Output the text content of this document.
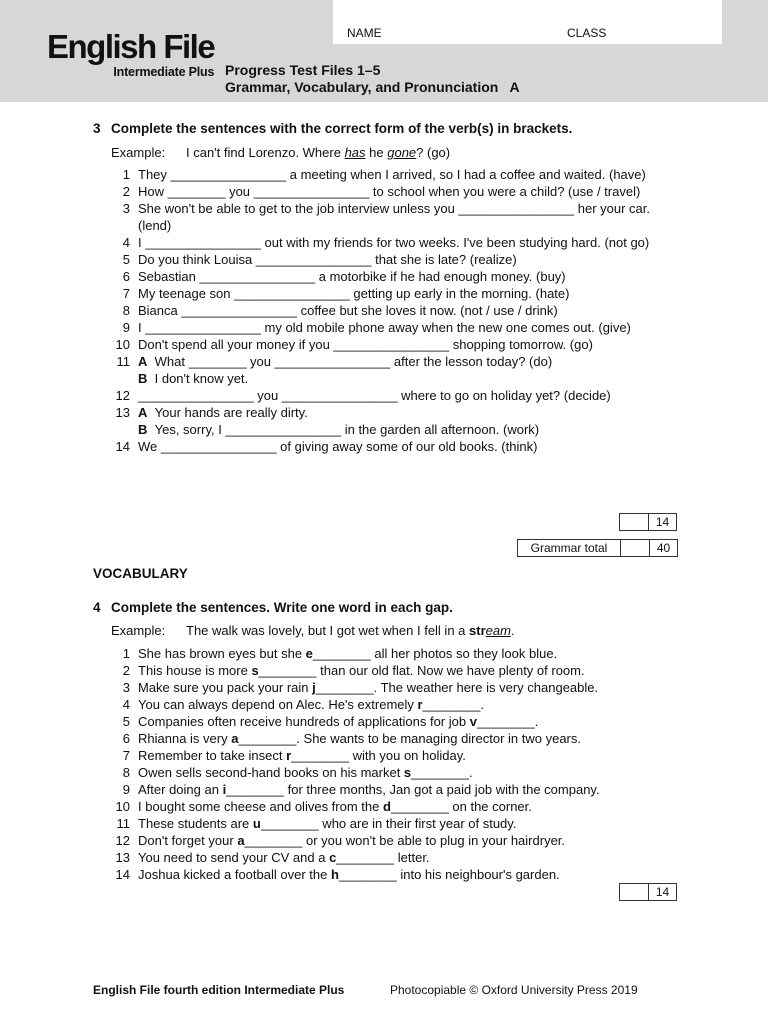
English File
Intermediate Plus
NAME	CLASS
Progress Test Files 1–5
Grammar, Vocabulary, and Pronunciation   A
3 Complete the sentences with the correct form of the verb(s) in brackets.
Example: I can't find Lorenzo. Where has he gone? (go)
1 They ________________ a meeting when I arrived, so I had a coffee and waited. (have)
2 How ________ you ________________ to school when you were a child? (use / travel)
3 She won't be able to get to the job interview unless you ________________ her your car. (lend)
4 I ________________ out with my friends for two weeks. I've been studying hard. (not go)
5 Do you think Louisa ________________ that she is late? (realize)
6 Sebastian ________________ a motorbike if he had enough money. (buy)
7 My teenage son ________________ getting up early in the morning. (hate)
8 Bianca ________________ coffee but she loves it now. (not / use / drink)
9 I ________________ my old mobile phone away when the new one comes out. (give)
10 Don't spend all your money if you ________________ shopping tomorrow. (go)
11 A What ________ you ________________ after the lesson today? (do)
B I don't know yet.
12 ________________ you ________________ where to go on holiday yet? (decide)
13 A Your hands are really dirty.
B Yes, sorry, I ________________ in the garden all afternoon. (work)
14 We ________________ of giving away some of our old books. (think)
14
Grammar total	40
VOCABULARY
4 Complete the sentences. Write one word in each gap.
Example: The walk was lovely, but I got wet when I fell in a stream.
1 She has brown eyes but she e________ all her photos so they look blue.
2 This house is more s________ than our old flat. Now we have plenty of room.
3 Make sure you pack your rain j________. The weather here is very changeable.
4 You can always depend on Alec. He's extremely r________.
5 Companies often receive hundreds of applications for job v________.
6 Rhianna is very a________. She wants to be managing director in two years.
7 Remember to take insect r________ with you on holiday.
8 Owen sells second-hand books on his market s________.
9 After doing an i________ for three months, Jan got a paid job with the company.
10 I bought some cheese and olives from the d________ on the corner.
11 These students are u________ who are in their first year of study.
12 Don't forget your a________ or you won't be able to plug in your hairdryer.
13 You need to send your CV and a c________ letter.
14 Joshua kicked a football over the h________ into his neighbour's garden.
14
English File fourth edition Intermediate Plus	Photocopiable © Oxford University Press 2019
